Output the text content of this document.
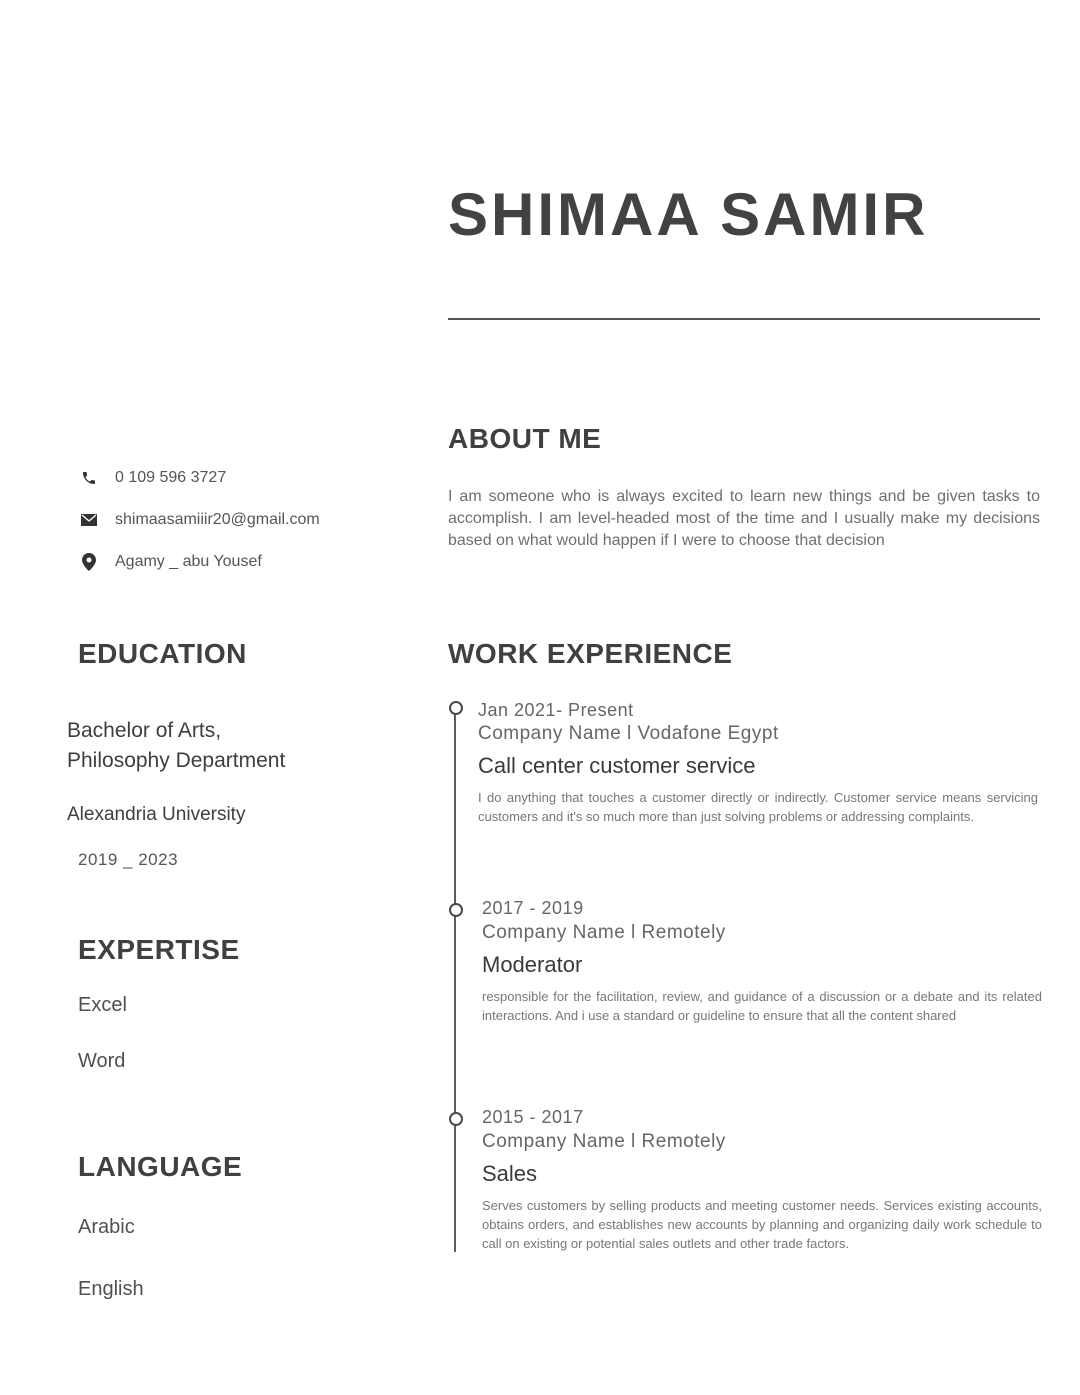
SHIMAA SAMIR
0 109 596 3727
shimaasamiiir20@gmail.com
Agamy _ abu Yousef
EDUCATION
Bachelor of Arts,
Philosophy Department
Alexandria University
2019 _ 2023
EXPERTISE
Excel
Word
LANGUAGE
Arabic
English
ABOUT ME

I am someone who is always excited to learn new things and be given tasks to accomplish. I am level-headed most of the time and I usually make my decisions based on what would happen if I were to choose that decision

WORK EXPERIENCE
Jan 2021- Present
Company Name l Vodafone Egypt
Call center customer service

I do anything that touches a customer directly or indirectly. Customer service means servicing customers and it's so much more than just solving problems or addressing complaints.

2017 - 2019
Company Name l Remotely
Moderator

responsible for the facilitation, review, and guidance of a discussion or a debate and its related interactions. And i use a standard or guideline to ensure that all the content shared

2015 - 2017
Company Name l Remotely
Sales

Serves customers by selling products and meeting customer needs. Services existing accounts, obtains orders, and establishes new accounts by planning and organizing daily work schedule to call on existing or potential sales outlets and other trade factors.
